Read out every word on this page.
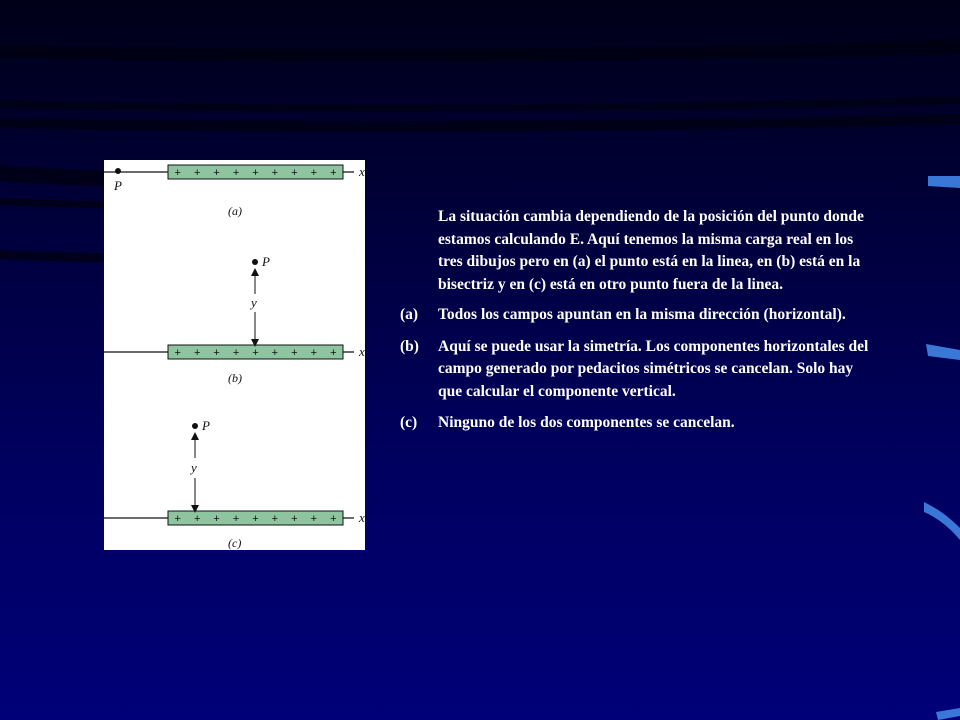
+ + + + + + + + + x
P
(a)
+ + + + + + + + + x
P
y
(b)
+ + + + + + + + + x
P
y
(c)

La situación cambia dependiendo de la posición del punto donde estamos calculando E. Aquí tenemos la misma carga real en los tres dibujos pero en (a) el punto está en la linea, en (b) está en la bisectriz y en (c) está en otro punto fuera de la linea.

(a)	Todos los campos apuntan en la misma dirección (horizontal).
(b)	Aquí se puede usar la simetría. Los componentes horizontales del campo generado por pedacitos simétricos se cancelan. Solo hay que calcular el componente vertical.
(c)	Ninguno de los dos componentes se cancelan.
